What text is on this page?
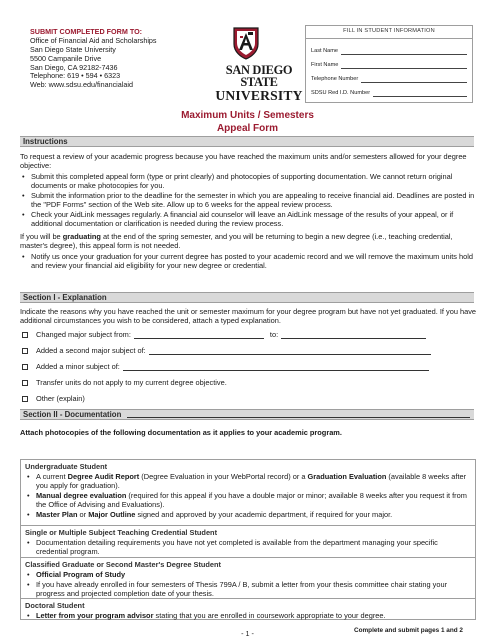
SUBMIT COMPLETED FORM TO:
Office of Financial Aid and Scholarships
San Diego State University
5500 Campanile Drive
San Diego, CA 92182-7436
Telephone: 619 • 594 • 6323
Web: www.sdsu.edu/financialaid
SAN DIEGO STATE
UNIVERSITY
FILL IN STUDENT INFORMATION
Last Name
First Name
Telephone Number
SDSU Red I.D. Number
Maximum Units / Semesters
Appeal Form
Instructions
To request a review of your academic progress because you have reached the maximum units and/or semesters allowed for your degree objective:
• Submit this completed appeal form (type or print clearly) and photocopies of supporting documentation. We cannot return original documents or make photocopies for you.
• Submit the information prior to the deadline for the semester in which you are appealing to receive financial aid. Deadlines are posted in the "PDF Forms" section of the Web site. Allow up to 6 weeks for the appeal review process.
• Check your AidLink messages regularly. A financial aid counselor will leave an AidLink message of the results of your appeal, or if additional documentation or clarification is needed during the review process.
If you will be graduating at the end of the spring semester, and you will be returning to begin a new degree (i.e., teaching credential, master's degree), this appeal form is not needed.
• Notify us once your graduation for your current degree has posted to your academic record and we will remove the maximum units hold and review your financial aid eligibility for your new degree or credential.
Section I - Explanation
Indicate the reasons why you have reached the unit or semester maximum for your degree program but have not yet graduated. If you have additional circumstances you wish to be considered, attach a typed explanation.
Changed major subject from:	to:
Added a second major subject of:
Added a minor subject of:
Transfer units do not apply to my current degree objective.
Other (explain)
Section II - Documentation
Attach photocopies of the following documentation as it applies to your academic program.
Undergraduate Student
• A current Degree Audit Report (Degree Evaluation in your WebPortal record) or a Graduation Evaluation (available 8 weeks after you apply for graduation).
• Manual degree evaluation (required for this appeal if you have a double major or minor; available 8 weeks after you request it from the Office of Advising and Evaluations).
• Master Plan or Major Outline signed and approved by your academic department, if required for your major.
Single or Multiple Subject Teaching Credential Student
• Documentation detailing requirements you have not yet completed is available from the department managing your specific credential program.
Classified Graduate or Second Master's Degree Student
• Official Program of Study
• If you have already enrolled in four semesters of Thesis 799A / B, submit a letter from your thesis committee chair stating your progress and projected completion date of your thesis.
Doctoral Student
• Letter from your program advisor stating that you are enrolled in coursework appropriate to your degree.
- 1 -	Complete and submit pages 1 and 2
